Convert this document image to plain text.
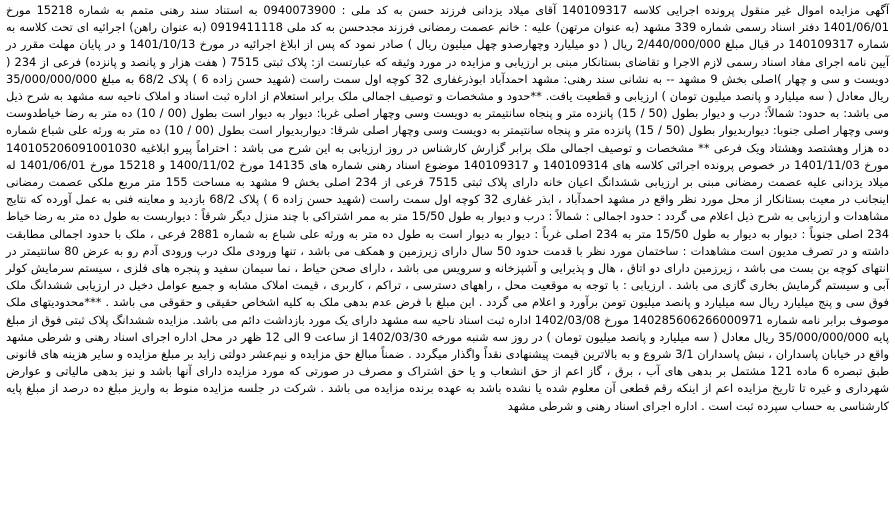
آگهی مزایده اموال غیر منقول پرونده اجرایی کلاسه 140109317 آقای میلاد یزدانی فرزند حسن به کد ملی : 0940073900 به استناد سند رهنی متمم به شماره 15218 مورخ 1401/06/01 دفتر اسناد رسمی شماره 339 مشهد (به عنوان مرتهن) علیه : خانم عصمت رمضانی فرزند مجدحسن به کد ملی 0919411118 (به عنوان راهن) اجرائیه ای تحت کلاسه به شماره 140109317 در قبال مبلغ 2/440/000/000 ریال ( دو میلیارد وچهارصدو چهل میلیون ریال ) صادر نمود که پس از ابلاغ اجرائیه در مورخ 1401/10/13 و در پایان مهلت مقرر در آیین نامه اجرای مفاد اسناد رسمی لازم الاجرا و تقاضای بستانکار مبنی بر ارزیابی و مزایده در مورد وثیقه که عبارتست از: پلاک ثبتی 7515 ( هفت هزار و پانصد و پانزده) فرعی از 234 ( دویست و سی و چهار )اصلی بخش 9 مشهد -- به نشانی سند رهنی: مشهد احمدآباد ابوذرغفاری 32 کوچه اول سمت راست (شهید حسن زاده 6 ) پلاک 68/2 به مبلغ 35/000/000/000 ریال معادل ( سه میلیارد و پانصد میلیون تومان ) ارزیابی و قطعیت یافت. **حدود و مشخصات و توصیف اجمالی ملک برابر استعلام از اداره ثبت اسناد و املاک ناحیه سه مشهد به شرح ذیل می باشد: به حدود: شمالاً: درب و دیوار بطول (50 / 15) پانزده متر و پنجاه سانتیمتر به دویست وسی وچهار اصلی غربا: دیوار به دیوار است بطول (00 / 10) ده متر به رضا خیاطدوست وسی وچهار اصلی جنوبا: دیواربدیوار بطول (50 / 15) پانزده متر و پنجاه سانتیمتر به دویست وسی وچهار اصلی شرقا: دیواربدیوار است بطول (00 / 10) ده متر به ورثه علی شباع شماره ده هزار وهشتصد وهشتاد ویک فرعی ** مشخصات و توصیف اجمالی ملک برابر گزارش کارشناس در روز ارزیابی به این شرح می باشد : احتراماً پیرو ابلاغیه 140105206091001030 مورخ 1401/11/03 در خصوص پرونده اجرائی کلاسه های 140109314 و 140109317 موضوع اسناد رهنی شماره های 14135 مورخ 1400/11/02 و 15218 مورخ 1401/06/01 له میلاد یزدانی علیه عصمت رمضانی مبنی بر ارزیابی ششدانگ اعیان خانه دارای پلاک ثبتی 7515 فرعی از 234 اصلی بخش 9 مشهد به مساحت 155 متر مربع ملکی عصمت رمضانی اینجانب در معیت بستانکار از محل مورد نظر واقع در مشهد احمدآباد ، ابذر غفاری 32 کوچه اول سمت راست (شهید حسن زاده 6 ) پلاک 68/2 بازدید و معاینه فنی به عمل آورده که نتایج مشاهدات و ارزیابی به شرح ذیل اعلام می گردد : حدود اجمالی : شمالاً : درب و دیوار به طول 15/50 متر به ممر اشتراکی با چند منزل دیگر شرقاً : دیواربست به طول ده متر به رضا خیاط 234 اصلی جنوباً : دیوار به دیوار به طول 15/50 متر به 234 اصلی غرباً : دیوار به دیوار است به طول ده متر به ورثه علی شباع به شماره 2881 فرعی ، ملک با حدود اجمالی مطابقت داشته و در تصرف مدیون است مشاهدات : ساختمان مورد نظر با قدمت حدود 50 سال دارای زیرزمین و همکف می باشد ، تنها ورودی ملک درب ورودی آدم رو به عرض 80 سانتیمتر در انتهای کوچه بن بست می باشد ، زیرزمین دارای دو اتاق ، هال و پذیرایی و آشپزخانه و سرویس می باشد ، دارای صحن حیاط ، نما سیمان سفید و پنجره های فلزی ، سیستم سرمایش کولر آبی و سیستم گرمایش بخاری گازی می باشد . ارزیابی : با توجه به موقعیت محل ، راههای دسترسی ، تراکم ، کاربری ، قیمت املاک مشابه و جمیع عوامل دخیل در ارزیابی ششدانگ ملک فوق سی و پنج میلیارد ریال سه میلیارد و پانصد میلیون تومن برآورد و اعلام می گردد . این مبلغ با فرض عدم بدهی ملک به کلیه اشخاص حقیقی و حقوقی می باشد . ***محدودیتهای ملک موصوف برابر نامه شماره 140285606266000971 مورخ 1402/03/08 اداره ثبت اسناد ناحیه سه مشهد دارای یک مورد بازداشت دائم می باشد. مزایده ششدانگ پلاک ثبتی فوق از مبلغ پایه 35/000/000/000 ریال معادل ( سه میلیارد و پانصد میلیون تومان ) در روز سه شنبه مورخه 1402/03/30 از ساعت 9 الی 12 ظهر در محل اداره اجرای اسناد رهنی و شرطی مشهد واقع در خیابان پاسداران ، نبش پاسداران 3/1 شروع و به بالاترین قیمت پیشنهادی نقداً واگذار میگردد . ضمناً مبالغ حق مزایده و نیم‌عشر دولتی زاید بر مبلغ مزایده و سایر هزینه های قانونی طبق تبصره 6 ماده 121 مشتمل بر بدهی های آب ، برق ، گاز اعم از حق انشعاب و یا حق اشتراک و مصرف در صورتی که مورد مزایده دارای آنها باشد و نیز بدهی مالیاتی و عوارض شهرداری و غیره تا تاریخ مزایده اعم از اینکه رقم قطعی آن معلوم شده یا نشده باشد به عهده برنده مزایده می باشد . شرکت در جلسه مزایده منوط به واریز مبلغ ده درصد از مبلغ پایه کارشناسی به حساب سپرده ثبت است . اداره اجرای اسناد رهنی و شرطی مشهد
